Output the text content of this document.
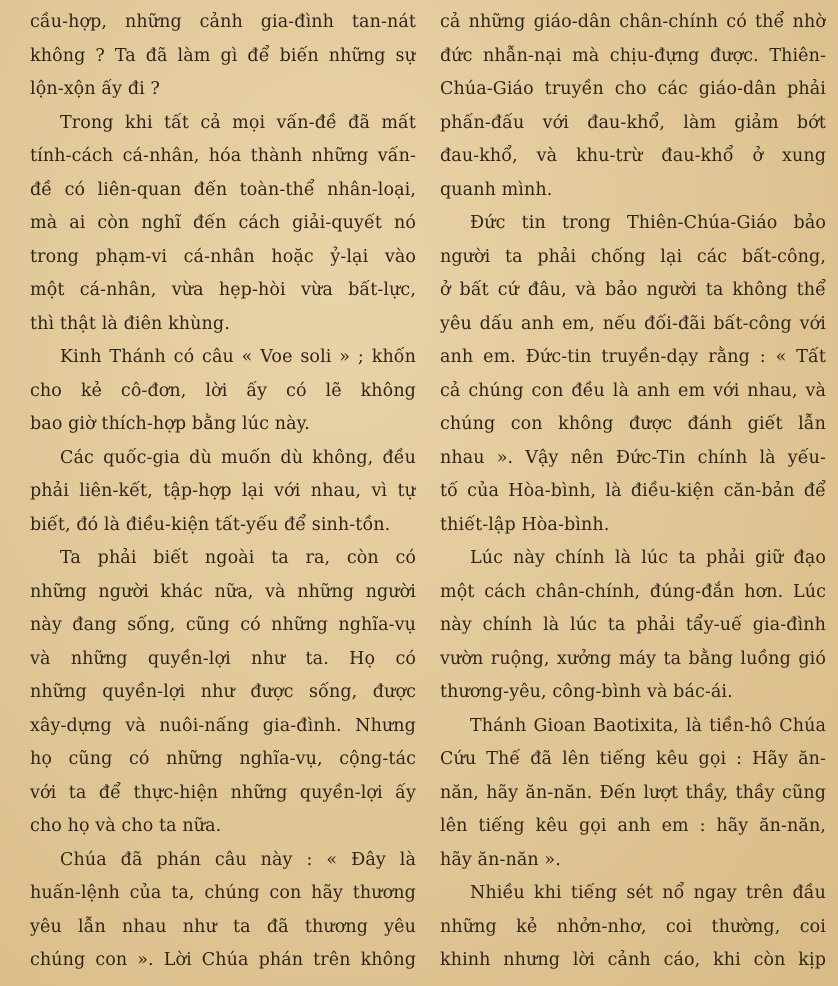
cầu-hợp, những cảnh gia-đình tan-nát
không ? Ta đã làm gì để biến những sự
lộn-xộn ấy đi ?
Trong khi tất cả mọi vấn-đề đã mất
tính-cách cá-nhân, hóa thành những vấn-
đề có liên-quan đến toàn-thể nhân-loại,
mà ai còn nghĩ đến cách giải-quyết nó
trong phạm-vi cá-nhân hoặc ỷ-lại vào
một cá-nhân, vừa hẹp-hòi vừa bất-lực,
thì thật là điên khùng.
Kinh Thánh có câu « Voe soli » ; khốn
cho kẻ cô-đơn, lời ấy có lẽ không
bao giờ thích-hợp bằng lúc này.
Các quốc-gia dù muốn dù không, đều
phải liên-kết, tập-hợp lại với nhau, vì tự
biết, đó là điều-kiện tất-yếu để sinh-tồn.
Ta phải biết ngoài ta ra, còn có
những người khác nữa, và những người
này đang sống, cũng có những nghĩa-vụ
và những quyền-lợi như ta. Họ có
những quyền-lợi như được sống, được
xây-dựng và nuôi-nấng gia-đình. Nhưng
họ cũng có những nghĩa-vụ, cộng-tác
với ta để thực-hiện những quyền-lợi ấy
cho họ và cho ta nữa.
Chúa đã phán câu này : « Đây là
huấn-lệnh của ta, chúng con hãy thương
yêu lẫn nhau như ta đã thương yêu
chúng con ». Lời Chúa phán trên không
cả những giáo-dân chân-chính có thể nhờ
đức nhẫn-nại mà chịu-đựng được. Thiên-
Chúa-Giáo truyền cho các giáo-dân phải
phấn-đấu với đau-khổ, làm giảm bớt
đau-khổ, và khu-trừ đau-khổ ở xung
quanh mình.
Đức tin trong Thiên-Chúa-Giáo bảo
người ta phải chống lại các bất-công,
ở bất cứ đâu, và bảo người ta không thể
yêu dấu anh em, nếu đối-đãi bất-công với
anh em. Đức-tin truyền-dạy rằng : « Tất
cả chúng con đều là anh em với nhau, và
chúng con không được đánh giết lẫn
nhau ». Vậy nên Đức-Tin chính là yếu-
tố của Hòa-bình, là điều-kiện căn-bản để
thiết-lập Hòa-bình.
Lúc này chính là lúc ta phải giữ đạo
một cách chân-chính, đúng-đắn hơn. Lúc
này chính là lúc ta phải tẩy-uế gia-đình
vườn ruộng, xưởng máy ta bằng luồng gió
thương-yêu, công-bình và bác-ái.
Thánh Gioan Baotixita, là tiền-hô Chúa
Cứu Thế đã lên tiếng kêu gọi : Hãy ăn-
năn, hãy ăn-năn. Đến lượt thầy, thầy cũng
lên tiếng kêu gọi anh em : hãy ăn-năn,
hãy ăn-năn ».
Nhiều khi tiếng sét nổ ngay trên đầu
những kẻ nhởn-nhơ, coi thường, coi
khinh nhưng lời cảnh cáo, khi còn kịp
